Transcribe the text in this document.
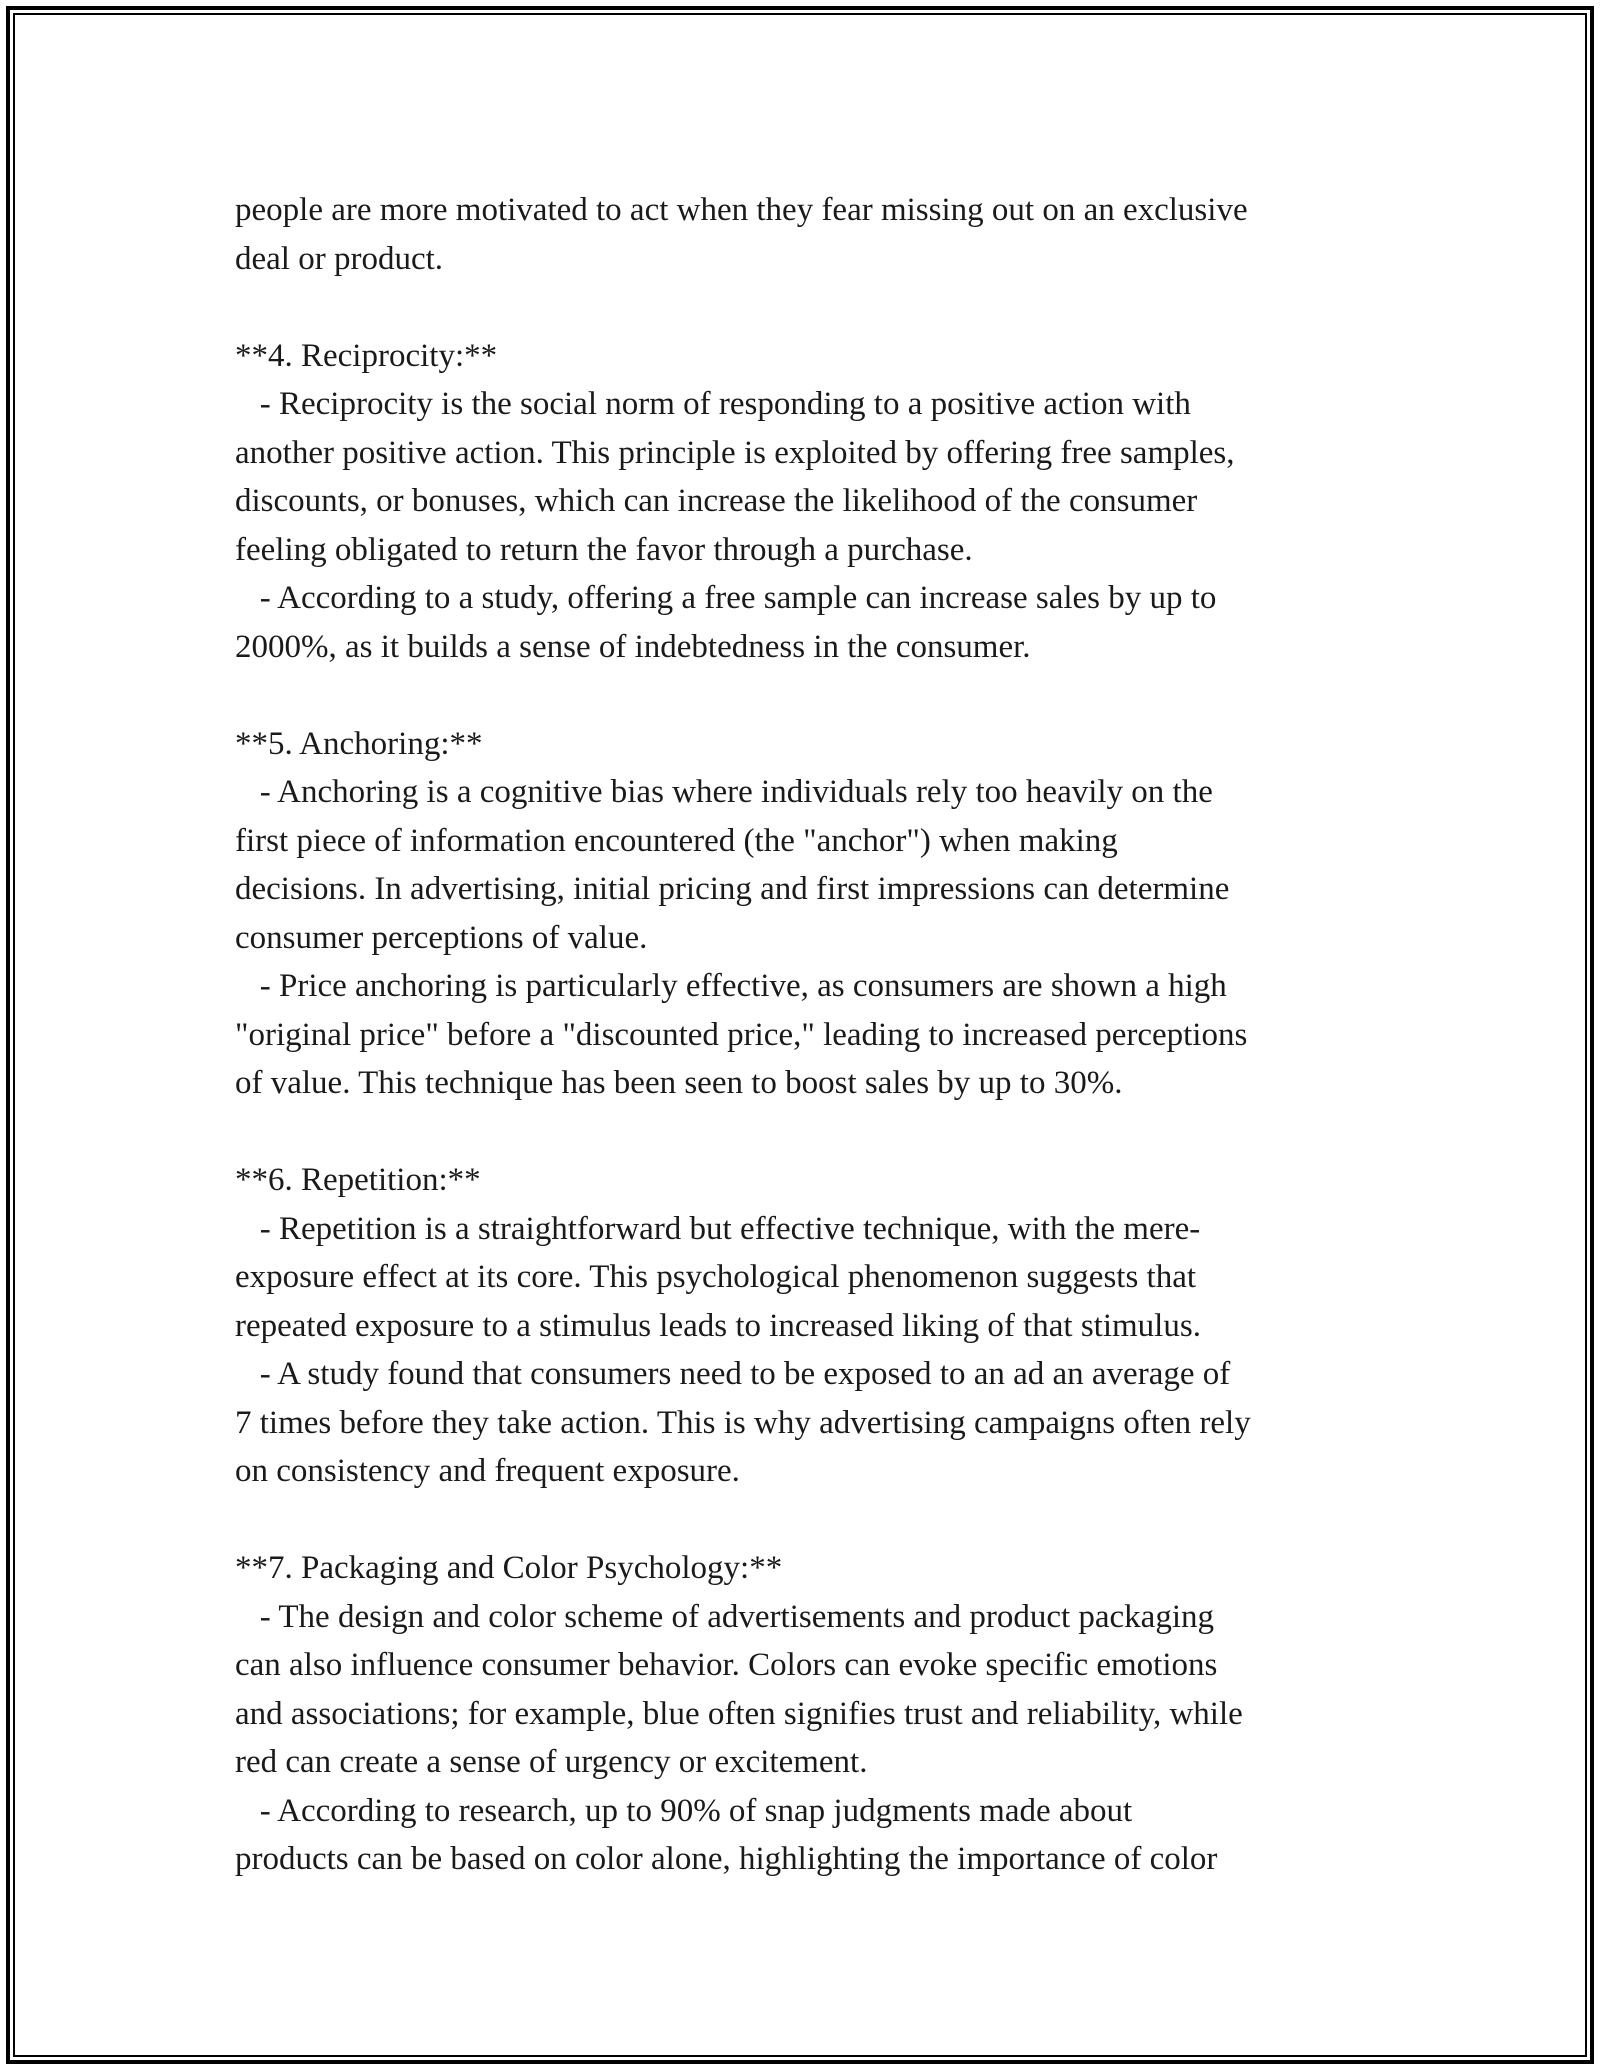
people are more motivated to act when they fear missing out on an exclusive
deal or product.
**4. Reciprocity:**
- Reciprocity is the social norm of responding to a positive action with
another positive action. This principle is exploited by offering free samples,
discounts, or bonuses, which can increase the likelihood of the consumer
feeling obligated to return the favor through a purchase.
- According to a study, offering a free sample can increase sales by up to
2000%, as it builds a sense of indebtedness in the consumer.
**5. Anchoring:**
- Anchoring is a cognitive bias where individuals rely too heavily on the
first piece of information encountered (the "anchor") when making
decisions. In advertising, initial pricing and first impressions can determine
consumer perceptions of value.
- Price anchoring is particularly effective, as consumers are shown a high
"original price" before a "discounted price," leading to increased perceptions
of value. This technique has been seen to boost sales by up to 30%.
**6. Repetition:**
- Repetition is a straightforward but effective technique, with the mere-
exposure effect at its core. This psychological phenomenon suggests that
repeated exposure to a stimulus leads to increased liking of that stimulus.
- A study found that consumers need to be exposed to an ad an average of
7 times before they take action. This is why advertising campaigns often rely
on consistency and frequent exposure.
**7. Packaging and Color Psychology:**
- The design and color scheme of advertisements and product packaging
can also influence consumer behavior. Colors can evoke specific emotions
and associations; for example, blue often signifies trust and reliability, while
red can create a sense of urgency or excitement.
- According to research, up to 90% of snap judgments made about
products can be based on color alone, highlighting the importance of color
